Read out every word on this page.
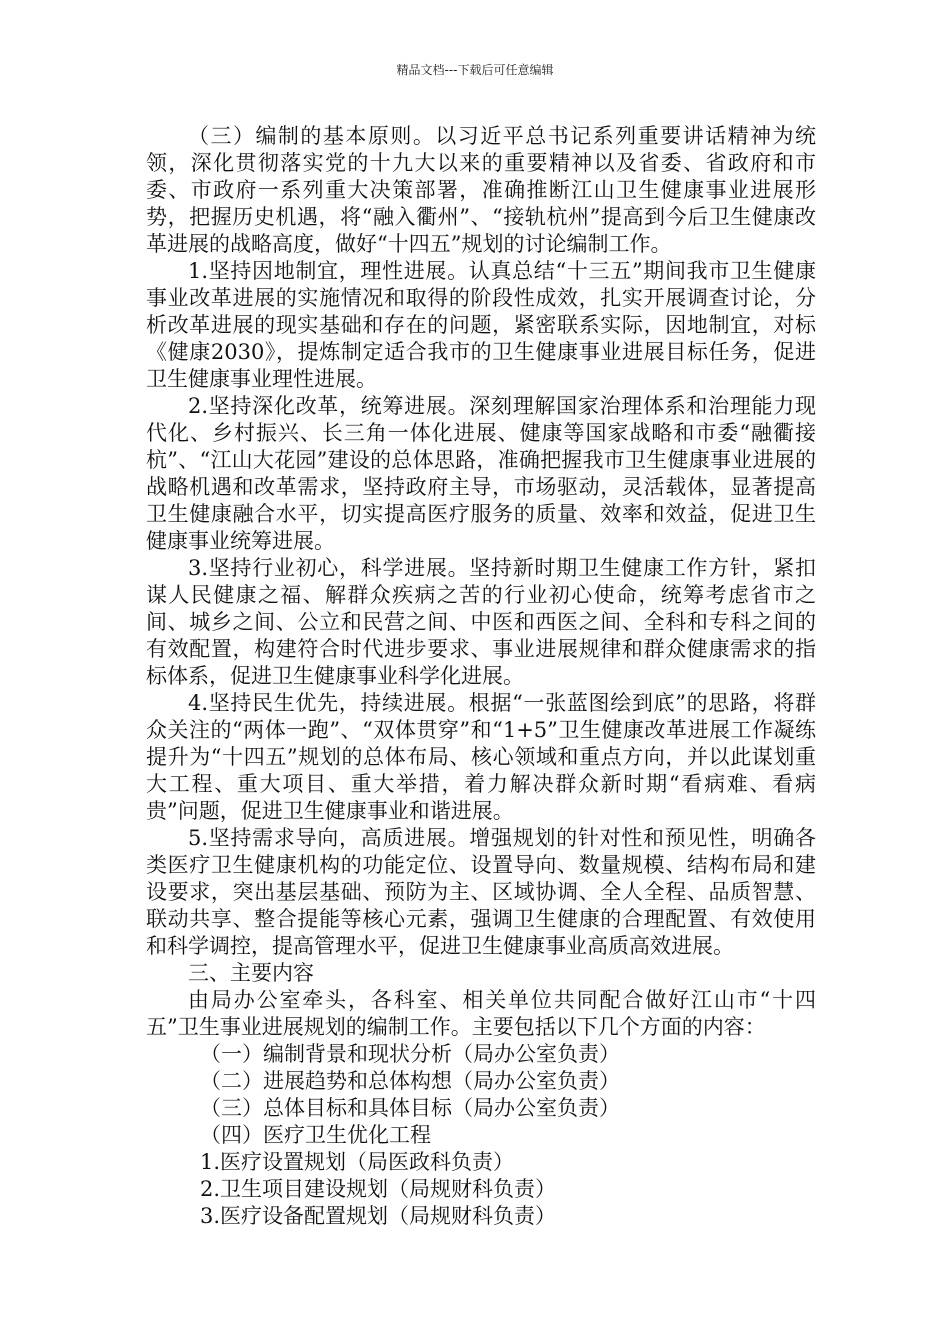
精品文档---下载后可任意编辑

（三）编制的基本原则。以习近平总书记系列重要讲话精神为统领，深化贯彻落实党的十九大以来的重要精神以及省委、省政府和市委、市政府一系列重大决策部署，准确推断江山卫生健康事业进展形势，把握历史机遇，将“融入衢州”、“接轨杭州”提高到今后卫生健康改革进展的战略高度，做好“十四五”规划的讨论编制工作。

1.坚持因地制宜，理性进展。认真总结“十三五”期间我市卫生健康事业改革进展的实施情况和取得的阶段性成效，扎实开展调查讨论，分析改革进展的现实基础和存在的问题，紧密联系实际，因地制宜，对标《健康2030》，提炼制定适合我市的卫生健康事业进展目标任务，促进卫生健康事业理性进展。

2.坚持深化改革，统筹进展。深刻理解国家治理体系和治理能力现代化、乡村振兴、长三角一体化进展、健康等国家战略和市委“融衢接杭”、“江山大花园”建设的总体思路，准确把握我市卫生健康事业进展的战略机遇和改革需求，坚持政府主导，市场驱动，灵活载体，显著提高卫生健康融合水平，切实提高医疗服务的质量、效率和效益，促进卫生健康事业统筹进展。

3.坚持行业初心，科学进展。坚持新时期卫生健康工作方针，紧扣谋人民健康之福、解群众疾病之苦的行业初心使命，统筹考虑省市之间、城乡之间、公立和民营之间、中医和西医之间、全科和专科之间的有效配置，构建符合时代进步要求、事业进展规律和群众健康需求的指标体系，促进卫生健康事业科学化进展。

4.坚持民生优先，持续进展。根据“一张蓝图绘到底”的思路，将群众关注的“两体一跑”、“双体贯穿”和“1+5”卫生健康改革进展工作凝练提升为“十四五”规划的总体布局、核心领域和重点方向，并以此谋划重大工程、重大项目、重大举措，着力解决群众新时期“看病难、看病贵”问题，促进卫生健康事业和谐进展。

5.坚持需求导向，高质进展。增强规划的针对性和预见性，明确各类医疗卫生健康机构的功能定位、设置导向、数量规模、结构布局和建设要求，突出基层基础、预防为主、区域协调、全人全程、品质智慧、联动共享、整合提能等核心元素，强调卫生健康的合理配置、有效使用和科学调控，提高管理水平，促进卫生健康事业高质高效进展。

三、主要内容

由局办公室牵头，各科室、相关单位共同配合做好江山市“十四五”卫生事业进展规划的编制工作。主要包括以下几个方面的内容：

（一）编制背景和现状分析（局办公室负责）

（二）进展趋势和总体构想（局办公室负责）

（三）总体目标和具体目标（局办公室负责）

（四）医疗卫生优化工程

1.医疗设置规划（局医政科负责）

2.卫生项目建设规划（局规财科负责）

3.医疗设备配置规划（局规财科负责）
